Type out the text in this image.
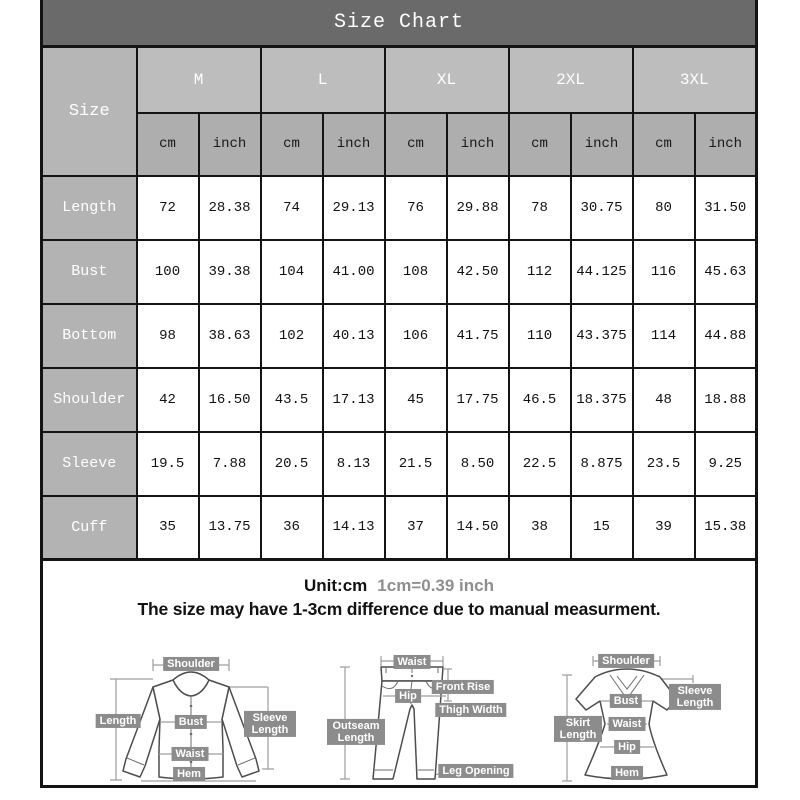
Size Chart
Size	M		L		XL		2XL		3XL	
	cm	inch	cm	inch	cm	inch	cm	inch	cm	inch
Length	72	28.38	74	29.13	76	29.88	78	30.75	80	31.50
Bust	100	39.38	104	41.00	108	42.50	112	44.125	116	45.63
Bottom	98	38.63	102	40.13	106	41.75	110	43.375	114	44.88
Shoulder	42	16.50	43.5	17.13	45	17.75	46.5	18.375	48	18.88
Sleeve	19.5	7.88	20.5	8.13	21.5	8.50	22.5	8.875	23.5	9.25
Cuff	35	13.75	36	14.13	37	14.50	38	15	39	15.38
Unit:cm 1cm=0.39 inch
The size may have 1-3cm difference due to manual measurment.
Shoulder
Length	Bust
Waist
Hem
Sleeve Length
Waist
Front Rise
Hip
Thigh Width
Outseam Length
Leg Opening
Shoulder
Sleeve Length
Bust
Skirt Length
Waist
Hip
Hem
